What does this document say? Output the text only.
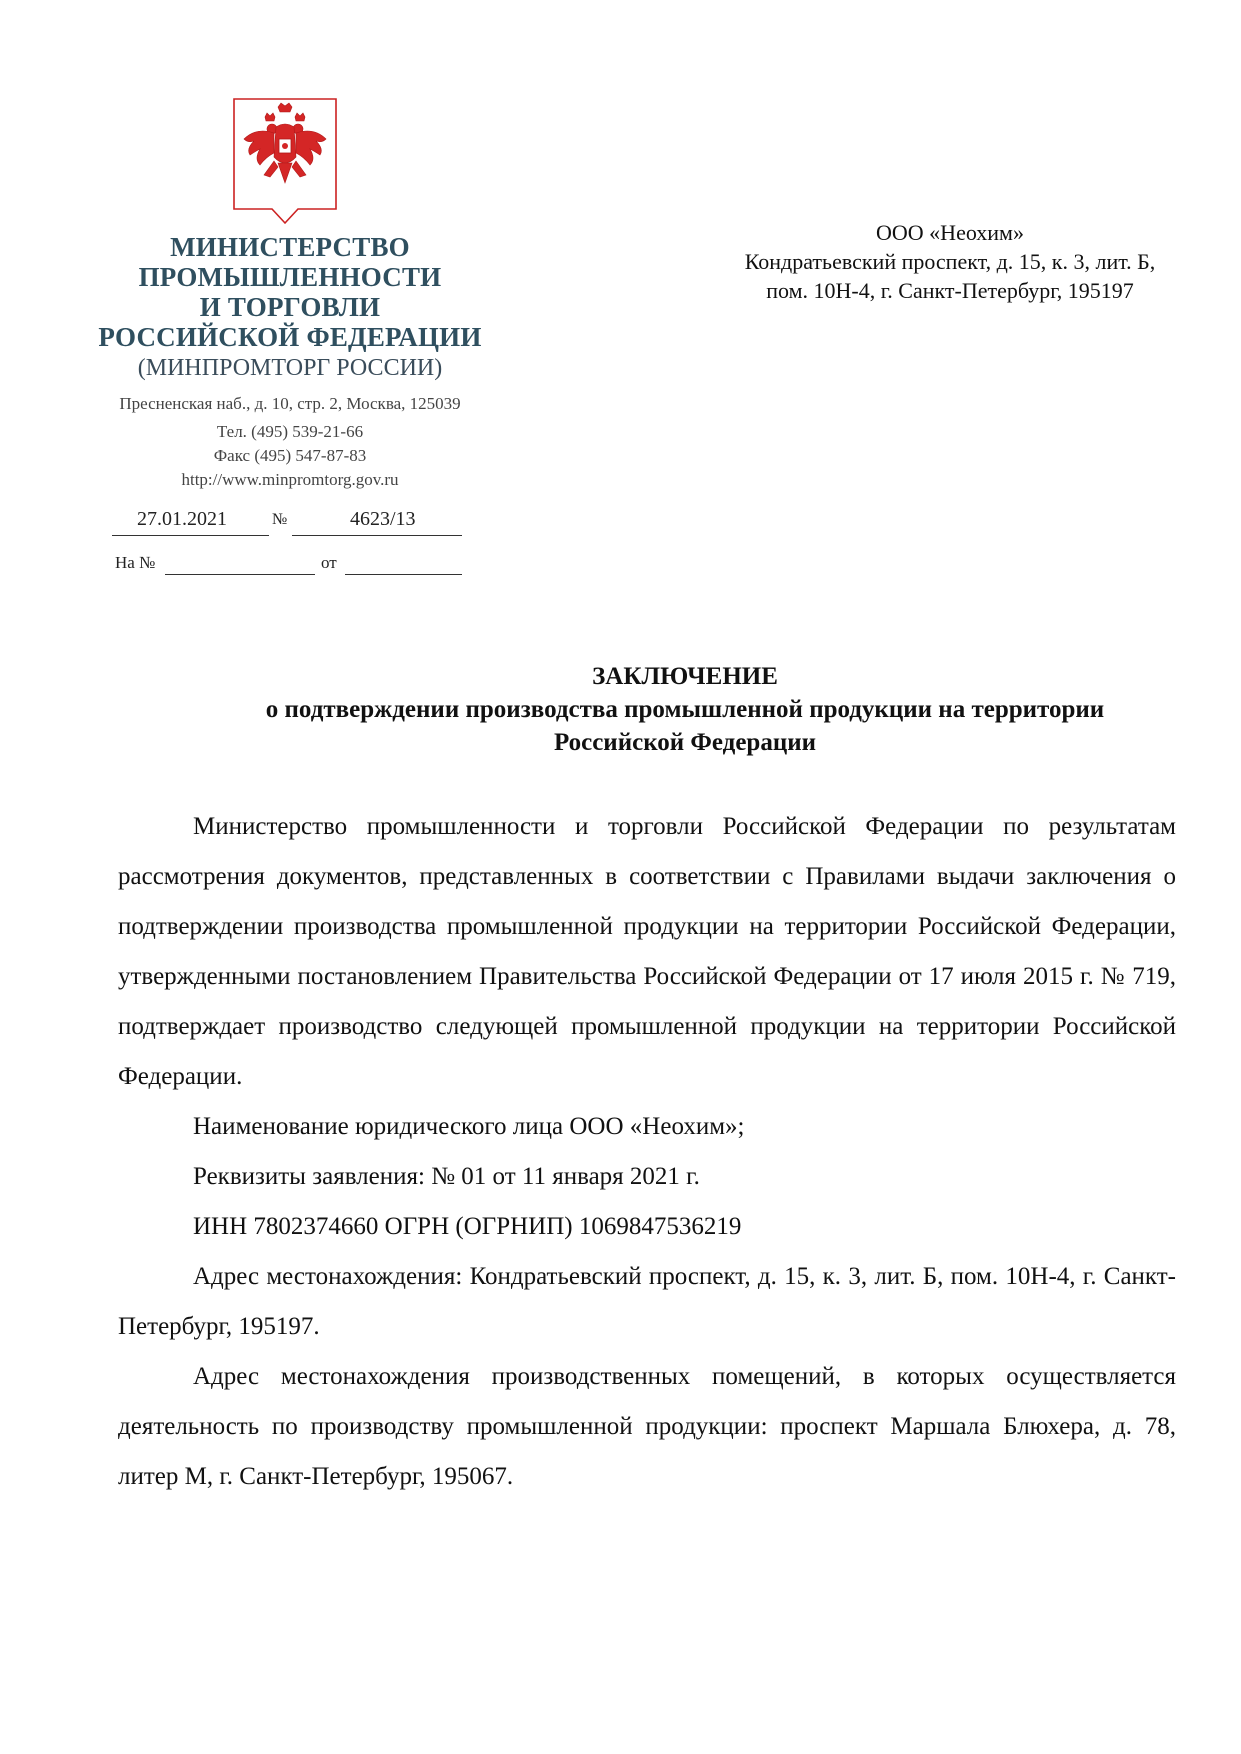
МИНИСТЕРСТВО
ПРОМЫШЛЕННОСТИ
И ТОРГОВЛИ
РОССИЙСКОЙ ФЕДЕРАЦИИ
(МИНПРОМТОРГ РОССИИ)
Пресненская наб., д. 10, стр. 2, Москва, 125039
Тел. (495) 539-21-66
Факс (495) 547-87-83
http://www.minpromtorg.gov.ru
27.01.2021	№	4623/13
На №	от
ООО «Неохим»
Кондратьевский проспект, д. 15, к. 3, лит. Б,
пом. 10Н-4, г. Санкт-Петербург, 195197
ЗАКЛЮЧЕНИЕ
о подтверждении производства промышленной продукции на территории
Российской Федерации

Министерство промышленности и торговли Российской Федерации по результатам рассмотрения документов, представленных в соответствии с Правилами выдачи заключения о подтверждении производства промышленной продукции на территории Российской Федерации, утвержденными постановлением Правительства Российской Федерации от 17 июля 2015 г. № 719, подтверждает производство следующей промышленной продукции на территории Российской Федерации.

Наименование юридического лица ООО «Неохим»;

Реквизиты заявления: № 01 от 11 января 2021 г.

ИНН 7802374660 ОГРН (ОГРНИП) 1069847536219

Адрес местонахождения: Кондратьевский проспект, д. 15, к. 3, лит. Б, пом. 10Н-4, г. Санкт-Петербург, 195197.

Адрес местонахождения производственных помещений, в которых осуществляется деятельность по производству промышленной продукции: проспект Маршала Блюхера, д. 78, литер М, г. Санкт-Петербург, 195067.
